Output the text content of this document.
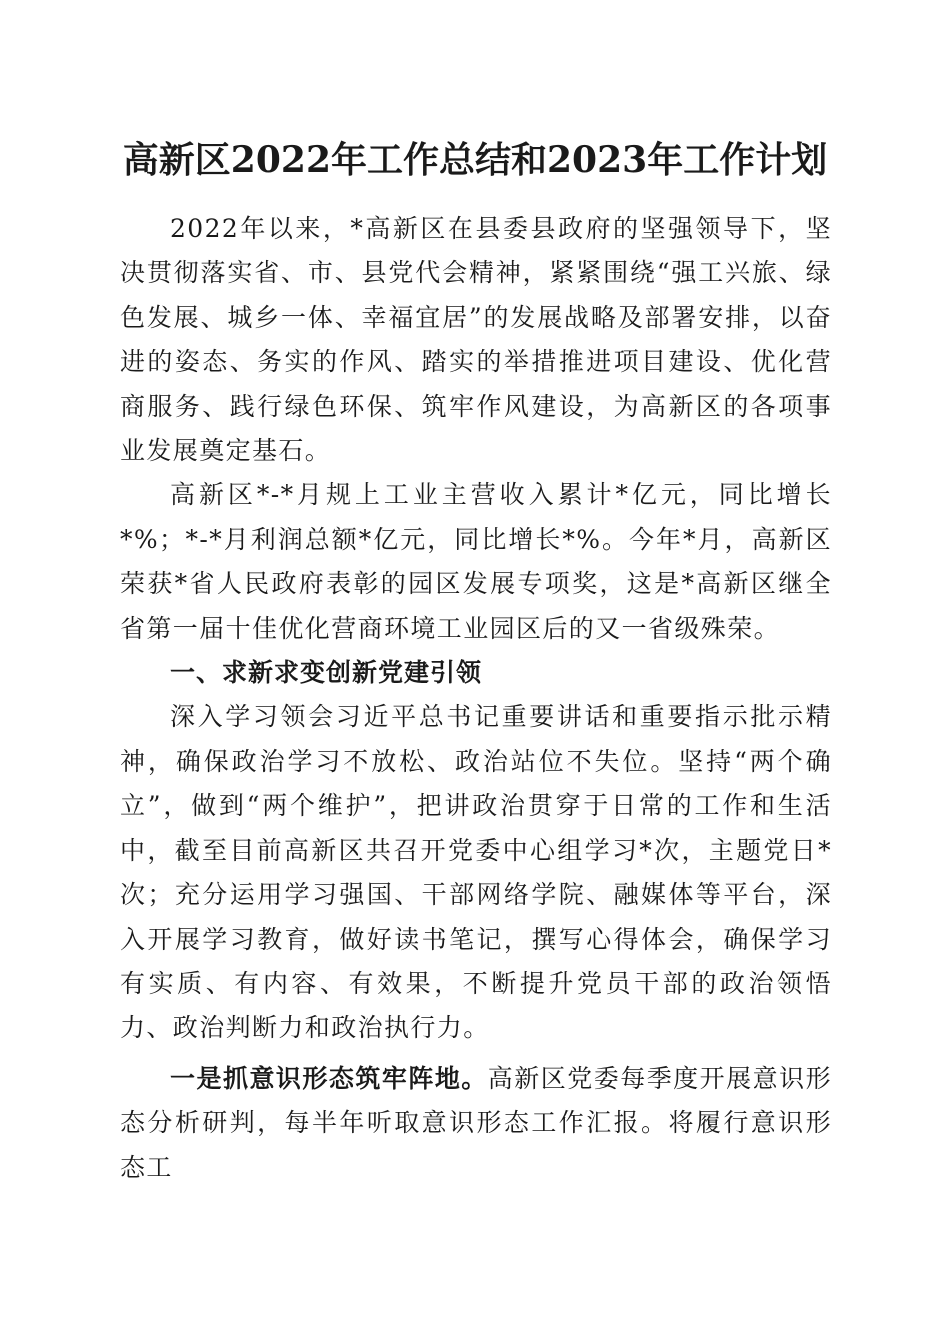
高新区2022年工作总结和2023年工作计划

2022年以来，*高新区在县委县政府的坚强领导下，坚决贯彻落实省、市、县党代会精神，紧紧围绕“强工兴旅、绿色发展、城乡一体、幸福宜居”的发展战略及部署安排，以奋进的姿态、务实的作风、踏实的举措推进项目建设、优化营商服务、践行绿色环保、筑牢作风建设，为高新区的各项事业发展奠定基石。

高新区*-*月规上工业主营收入累计*亿元，同比增长*%；*-*月利润总额*亿元，同比增长*%。今年*月，高新区荣获*省人民政府表彰的园区发展专项奖，这是*高新区继全省第一届十佳优化营商环境工业园区后的又一省级殊荣。

一、求新求变创新党建引领

深入学习领会习近平总书记重要讲话和重要指示批示精神，确保政治学习不放松、政治站位不失位。坚持“两个确立”，做到“两个维护”，把讲政治贯穿于日常的工作和生活中，截至目前高新区共召开党委中心组学习*次，主题党日*次；充分运用学习强国、干部网络学院、融媒体等平台，深入开展学习教育，做好读书笔记，撰写心得体会，确保学习有实质、有内容、有效果，不断提升党员干部的政治领悟力、政治判断力和政治执行力。

一是抓意识形态筑牢阵地。高新区党委每季度开展意识形态分析研判，每半年听取意识形态工作汇报。将履行意识形态工
